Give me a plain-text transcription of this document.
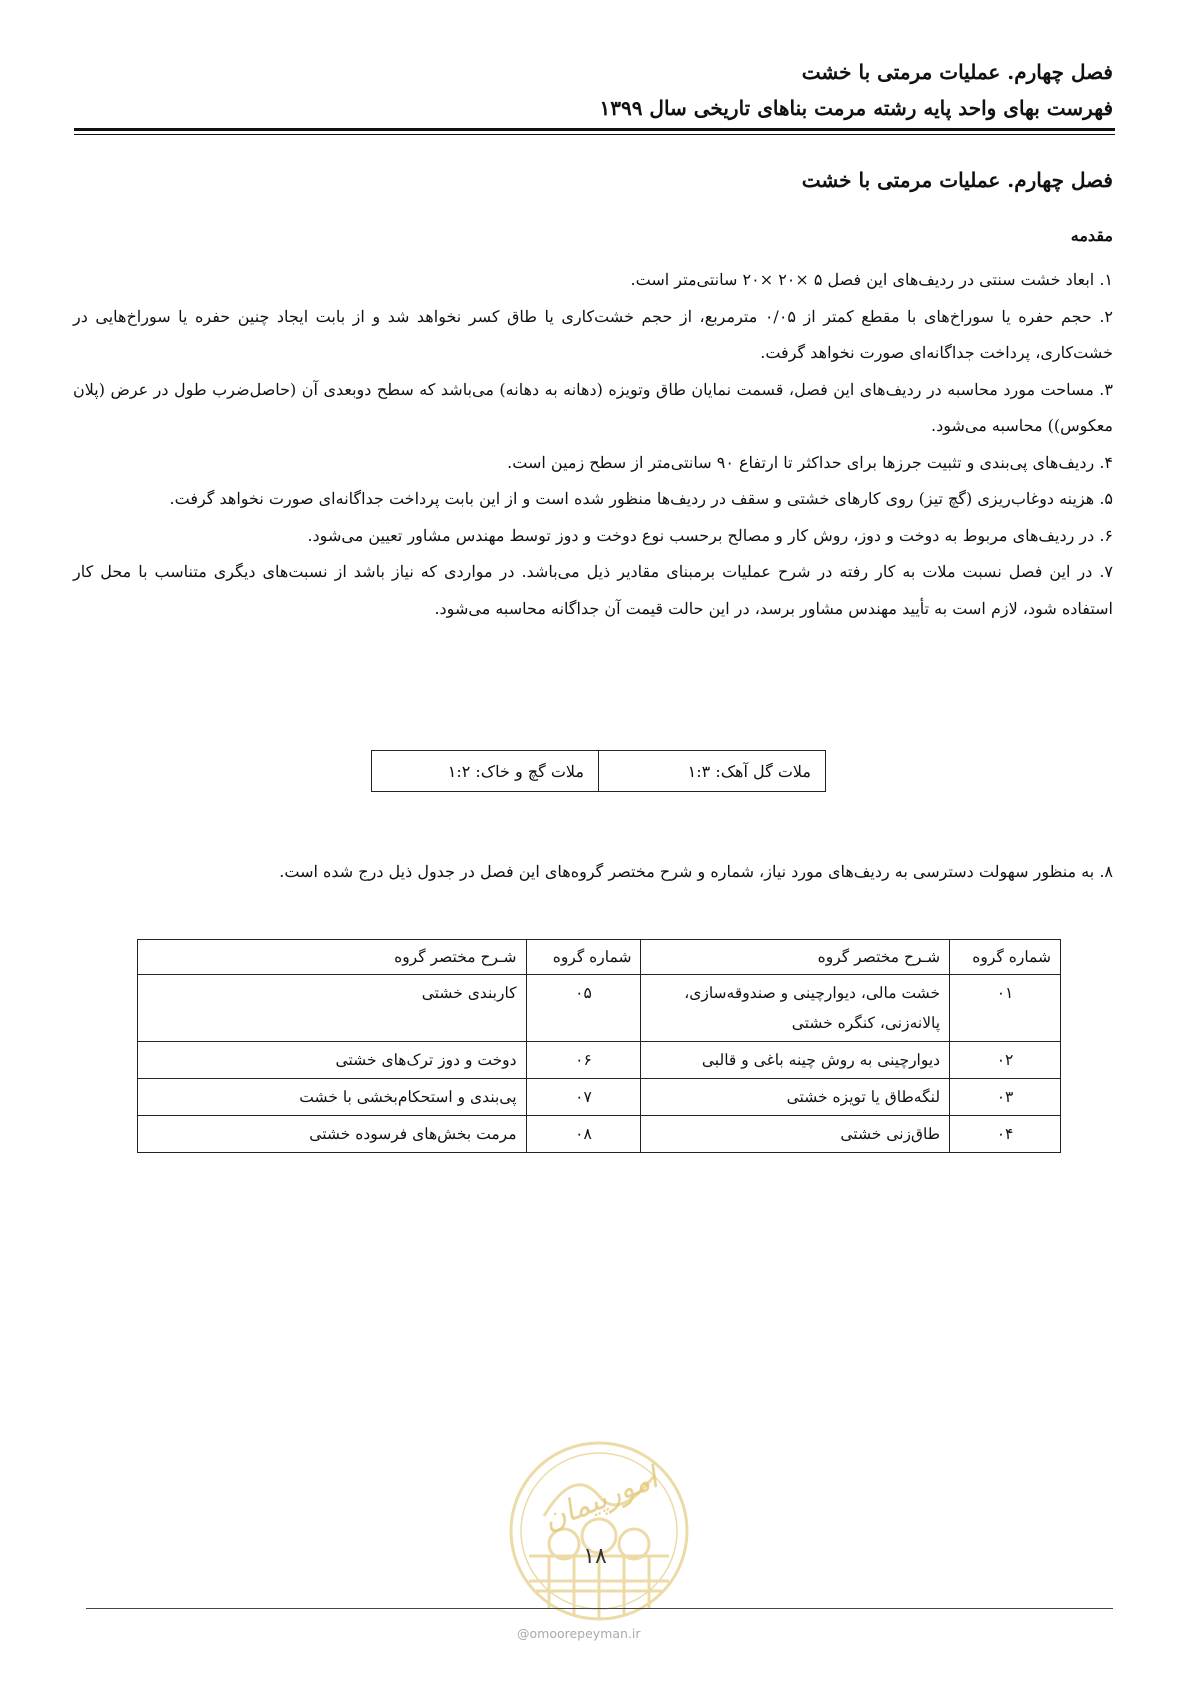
فصل چهارم. عملیات مرمتی با خشت
فهرست بهای واحد پایه رشته مرمت بناهای تاریخی سال ۱۳۹۹
فصل چهارم. عملیات مرمتی با خشت
مقدمه

۱. ابعاد خشت سنتی در ردیف‌های این فصل ۵ ×۲۰ ×۲۰ سانتی‌متر است.

۲. حجم حفره یا سوراخ‌های با مقطع کمتر از ۰/۰۵ مترمربع، از حجم خشت‌کاری یا طاق کسر نخواهد شد و از بابت ایجاد چنین حفره یا سوراخ‌هایی در خشت‌کاری، پرداخت جداگانه‌ای صورت نخواهد گرفت.

۳. مساحت مورد محاسبه در ردیف‌های این فصل، قسمت نمایان طاق وتویزه (دهانه به دهانه) می‌باشد که سطح دوبعدی آن (حاصل‌ضرب طول در عرض (پلان معکوس)) محاسبه می‌شود.

۴. ردیف‌های پی‌بندی و تثبیت جرزها برای حداکثر تا ارتفاع ۹۰ سانتی‌متر از سطح زمین است.

۵. هزینه دوغاب‌ریزی (گچ تیز) روی کارهای خشتی و سقف در ردیف‌ها منظور شده است و از این بابت پرداخت جداگانه‌ای صورت نخواهد گرفت.

۶. در ردیف‌های مربوط به دوخت و دوز، روش کار و مصالح برحسب نوع دوخت و دوز توسط مهندس مشاور تعیین می‌شود.

۷. در این فصل نسبت ملات به کار رفته در شرح عملیات برمبنای مقادیر ذیل می‌باشد. در مواردی که نیاز باشد از نسبت‌های دیگری متناسب با محل کار استفاده شود، لازم است به تأیید مهندس مشاور برسد، در این حالت قیمت آن جداگانه محاسبه می‌شود.

ملات گل آهک:

۱:۳
ملات گچ و خاک:

۱:۲
۸. به منظور سهولت دسترسی به ردیف‌های مورد نیاز، شماره و شرح مختصر گروه‌های این فصل در جدول ذیل درج شده است.
شماره گروه	شـرح مختصر گروه	شماره گروه	شـرح مختصر گروه
۰۱	خشت مالی، دیوارچینی و صندوقه‌سازی، پالانه‌زنی، کنگره خشتی	۰۵	کاربندی خشتی
۰۲	دیوارچینی به روش چینه باغی و قالبی	۰۶	دوخت و دوز ترک‌های خشتی
۰۳	لنگه‌طاق یا تویزه خشتی	۰۷	پی‌بندی و استحکام‌بخشی با خشت
۰۴	طاق‌زنی خشتی	۰۸	مرمت بخش‌های فرسوده خشتی
امورپیمان
۱۸
@omoorepeyman.ir
